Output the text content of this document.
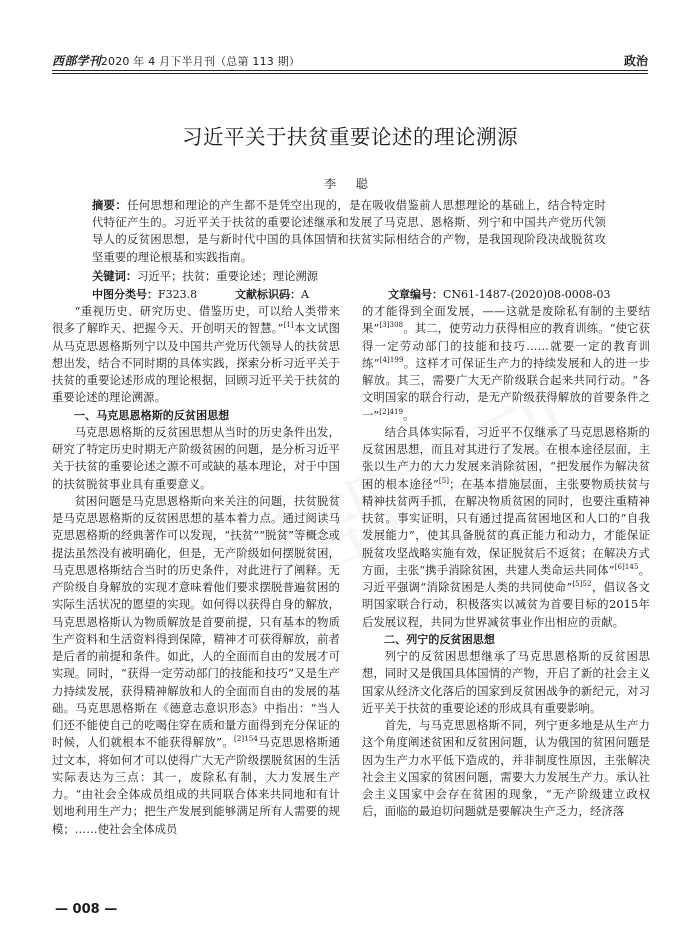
西部学刊2020 年 4 月下半月刊（总第 113 期）	政治
习近平关于扶贫重要论述的理论溯源
李 聪
摘要：任何思想和理论的产生都不是凭空出现的，是在吸收借鉴前人思想理论的基础上，结合特定时代特征产生的。习近平关于扶贫的重要论述继承和发展了马克思、恩格斯、列宁和中国共产党历代领导人的反贫困思想，是与新时代中国的具体国情和扶贫实际相结合的产物，是我国现阶段决战脱贫攻坚重要的理论根基和实践指南。
关键词：习近平；扶贫；重要论述；理论溯源
中图分类号：F323.8	文献标识码：A	文章编号：CN61-1487-(2020)08-0008-03

“重视历史、研究历史、借鉴历史，可以给人类带来很多了解昨天、把握今天、开创明天的智慧。”[1]本文试图从马克思恩格斯列宁以及中国共产党历代领导人的扶贫思想出发，结合不同时期的具体实践，探索分析习近平关于扶贫的重要论述形成的理论根据，回顾习近平关于扶贫的重要论述的理论溯源。

一、马克思恩格斯的反贫困思想

马克思恩格斯的反贫困思想从当时的历史条件出发，研究了特定历史时期无产阶级贫困的问题，是分析习近平关于扶贫的重要论述之源不可或缺的基本理论，对于中国的扶贫脱贫事业具有重要意义。

贫困问题是马克思恩格斯向来关注的问题，扶贫脱贫是马克思恩格斯的反贫困思想的基本着力点。通过阅读马克思恩格斯的经典著作可以发现，“扶贫”“脱贫”等概念或提法虽然没有被明确化，但是，无产阶级如何摆脱贫困，马克思恩格斯结合当时的历史条件，对此进行了阐释。无产阶级自身解放的实现才意味着他们要求摆脱普遍贫困的实际生活状况的愿望的实现。如何得以获得自身的解放，马克思恩格斯认为物质解放是首要前提，只有基本的物质生产资料和生活资料得到保障，精神才可获得解放，前者是后者的前提和条件。如此，人的全面而自由的发展才可实现。同时，“获得一定劳动部门的技能和技巧”又是生产力持续发展，获得精神解放和人的全面而自由的发展的基础。马克思恩格斯在《德意志意识形态》中指出：“当人们还不能使自己的吃喝住穿在质和量方面得到充分保证的时候，人们就根本不能获得解放”。$^{[2]154}$马克思恩格斯通过文本，将如何才可以使得广大无产阶级摆脱贫困的生活实际表达为三点：其一，废除私有制，大力发展生产力。“由社会全体成员组成的共同联合体来共同地和有计划地利用生产力；把生产发展到能够满足所有人需要的规模；……使社会全体成员

的才能得到全面发展，——这就是废除私有制的主要结果”$^{[3]308}$。其二，使劳动力获得相应的教育训练。“使它获得一定劳动部门的技能和技巧……就要一定的教育训练”$^{[4]199}$。这样才可保证生产力的持续发展和人的进一步解放。其三，需要广大无产阶级联合起来共同行动。“各文明国家的联合行动，是无产阶级获得解放的首要条件之一”$^{[2]419}$。

结合具体实际看，习近平不仅继承了马克思恩格斯的反贫困思想，而且对其进行了发展。在根本途径层面，主张以生产力的大力发展来消除贫困，“把发展作为解决贫困的根本途径”[5]；在基本措施层面，主张要物质扶贫与精神扶贫两手抓，在解决物质贫困的同时，也要注重精神扶贫。事实证明，只有通过提高贫困地区和人口的“自我发展能力”，使其具备脱贫的真正能力和动力，才能保证脱贫攻坚战略实施有效，保证脱贫后不返贫；在解决方式方面，主张“携手消除贫困，共建人类命运共同体”$^{[6]145}$。习近平强调“消除贫困是人类的共同使命”$^{[5]52}$，倡议各文明国家联合行动，积极落实以减贫为首要目标的2015年后发展议程，共同为世界减贫事业作出相应的贡献。

二、列宁的反贫困思想

列宁的反贫困思想继承了马克思恩格斯的反贫困思想，同时又是俄国具体国情的产物，开启了新的社会主义国家从经济文化落后的国家到反贫困战争的新纪元，对习近平关于扶贫的重要论述的形成具有重要影响。

首先，与马克思恩格斯不同，列宁更多地是从生产力这个角度阐述贫困和反贫困问题，认为俄国的贫困问题是因为生产力水平低下造成的，并非制度性原因，主张解决社会主义国家的贫困问题，需要大力发展生产力。承认社会主义国家中会存在贫困的现象，“无产阶级建立政权后，面临的最迫切问题就是要解决生产乏力，经济落

— 008 —
